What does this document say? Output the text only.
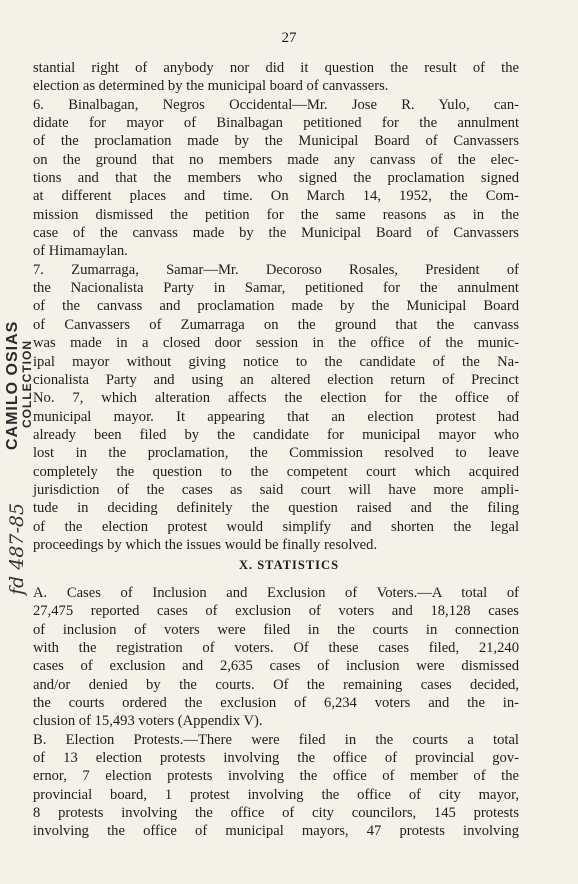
27
CAMILO OSIAS COLLECTION
fd 487-85
stantial right of anybody nor did it question the result of the
election as determined by the municipal board of canvassers.
6. Binalbagan, Negros Occidental—Mr. Jose R. Yulo, can-
didate for mayor of Binalbagan petitioned for the annulment
of the proclamation made by the Municipal Board of Canvassers
on the ground that no members made any canvass of the elec-
tions and that the members who signed the proclamation signed
at different places and time. On March 14, 1952, the Com-
mission dismissed the petition for the same reasons as in the
case of the canvass made by the Municipal Board of Canvassers
of Himamaylan.
7. Zumarraga, Samar—Mr. Decoroso Rosales, President of
the Nacionalista Party in Samar, petitioned for the annulment
of the canvass and proclamation made by the Municipal Board
of Canvassers of Zumarraga on the ground that the canvass
was made in a closed door session in the office of the munic-
ipal mayor without giving notice to the candidate of the Na-
cionalista Party and using an altered election return of Precinct
No. 7, which alteration affects the election for the office of
municipal mayor. It appearing that an election protest had
already been filed by the candidate for municipal mayor who
lost in the proclamation, the Commission resolved to leave
completely the question to the competent court which acquired
jurisdiction of the cases as said court will have more ampli-
tude in deciding definitely the question raised and the filing
of the election protest would simplify and shorten the legal
proceedings by which the issues would be finally resolved.
X. STATISTICS
A. Cases of Inclusion and Exclusion of Voters.—A total of
27,475 reported cases of exclusion of voters and 18,128 cases
of inclusion of voters were filed in the courts in connection
with the registration of voters. Of these cases filed, 21,240
cases of exclusion and 2,635 cases of inclusion were dismissed
and/or denied by the courts. Of the remaining cases decided,
the courts ordered the exclusion of 6,234 voters and the in-
clusion of 15,493 voters (Appendix V).
B. Election Protests.—There were filed in the courts a total
of 13 election protests involving the office of provincial gov-
ernor, 7 election protests involving the office of member of the
provincial board, 1 protest involving the office of city mayor,
8 protests involving the office of city councilors, 145 protests
involving the office of municipal mayors, 47 protests involving
